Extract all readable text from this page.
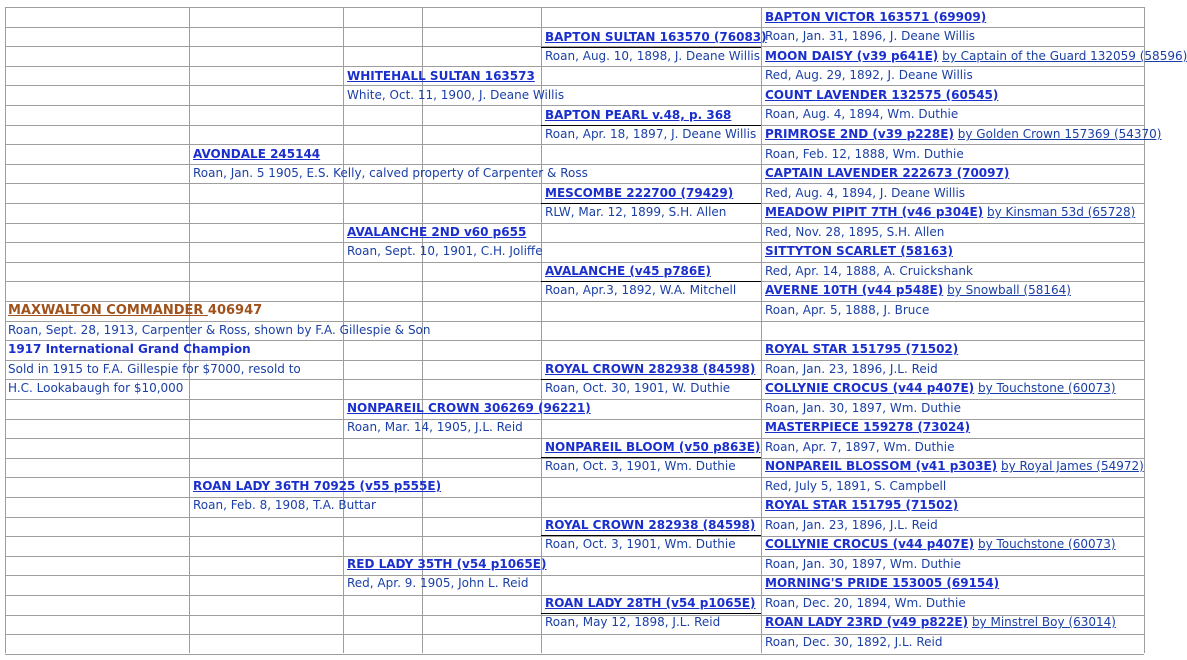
MAXWALTON COMMANDER 406947
Roan, Sept. 28, 1913, Carpenter & Ross, shown by F.A. Gillespie & Son
1917 International Grand Champion
Sold in 1915 to F.A. Gillespie for $7000, resold to
H.C. Lookabaugh for $10,000
AVONDALE 245144
Roan, Jan. 5 1905, E.S. Kelly, calved property of Carpenter & Ross
ROAN LADY 36TH 70925 (v55 p555E)
Roan, Feb. 8, 1908, T.A. Buttar
WHITEHALL SULTAN 163573
White, Oct. 11, 1900, J. Deane Willis
AVALANCHE 2ND v60 p655
Roan, Sept. 10, 1901, C.H. Joliffe
NONPAREIL CROWN 306269 (96221)
Roan, Mar. 14, 1905, J.L. Reid
RED LADY 35TH (v54 p1065E)
Red, Apr. 9. 1905, John L. Reid
BAPTON SULTAN 163570 (76083)
Roan, Aug. 10, 1898, J. Deane Willis
BAPTON PEARL v.48, p. 368
Roan, Apr. 18, 1897, J. Deane Willis
MESCOMBE 222700 (79429)
RLW, Mar. 12, 1899, S.H. Allen
AVALANCHE (v45 p786E)
Roan, Apr.3, 1892, W.A. Mitchell
ROYAL CROWN 282938 (84598)
Roan, Oct. 30, 1901, W. Duthie
NONPAREIL BLOOM (v50 p863E)
Roan, Oct. 3, 1901, Wm. Duthie
ROYAL CROWN 282938 (84598)
Roan, Oct. 3, 1901, Wm. Duthie
ROAN LADY 28TH (v54 p1065E)
Roan, May 12, 1898, J.L. Reid
BAPTON VICTOR 163571 (69909)
Roan, Jan. 31, 1896, J. Deane Willis
MOON DAISY (v39 p641E) by Captain of the Guard 132059 (58596)
Red, Aug. 29, 1892, J. Deane Willis
COUNT LAVENDER 132575 (60545)
Roan, Aug. 4, 1894, Wm. Duthie
PRIMROSE 2ND (v39 p228E) by Golden Crown 157369 (54370)
Roan, Feb. 12, 1888, Wm. Duthie
CAPTAIN LAVENDER 222673 (70097)
Red, Aug. 4, 1894, J. Deane Willis
MEADOW PIPIT 7TH (v46 p304E) by Kinsman 53d (65728)
Red, Nov. 28, 1895, S.H. Allen
SITTYTON SCARLET (58163)
Red, Apr. 14, 1888, A. Cruickshank
AVERNE 10TH (v44 p548E) by Snowball (58164)
Roan, Apr. 5, 1888, J. Bruce
ROYAL STAR 151795 (71502)
Roan, Jan. 23, 1896, J.L. Reid
COLLYNIE CROCUS (v44 p407E) by Touchstone (60073)
Roan, Jan. 30, 1897, Wm. Duthie
MASTERPIECE 159278 (73024)
Roan, Apr. 7, 1897, Wm. Duthie
NONPAREIL BLOSSOM (v41 p303E) by Royal James (54972)
Red, July 5, 1891, S. Campbell
ROYAL STAR 151795 (71502)
Roan, Jan. 23, 1896, J.L. Reid
COLLYNIE CROCUS (v44 p407E) by Touchstone (60073)
Roan, Jan. 30, 1897, Wm. Duthie
MORNING'S PRIDE 153005 (69154)
Roan, Dec. 20, 1894, Wm. Duthie
ROAN LADY 23RD (v49 p822E) by Minstrel Boy (63014)
Roan, Dec. 30, 1892, J.L. Reid
